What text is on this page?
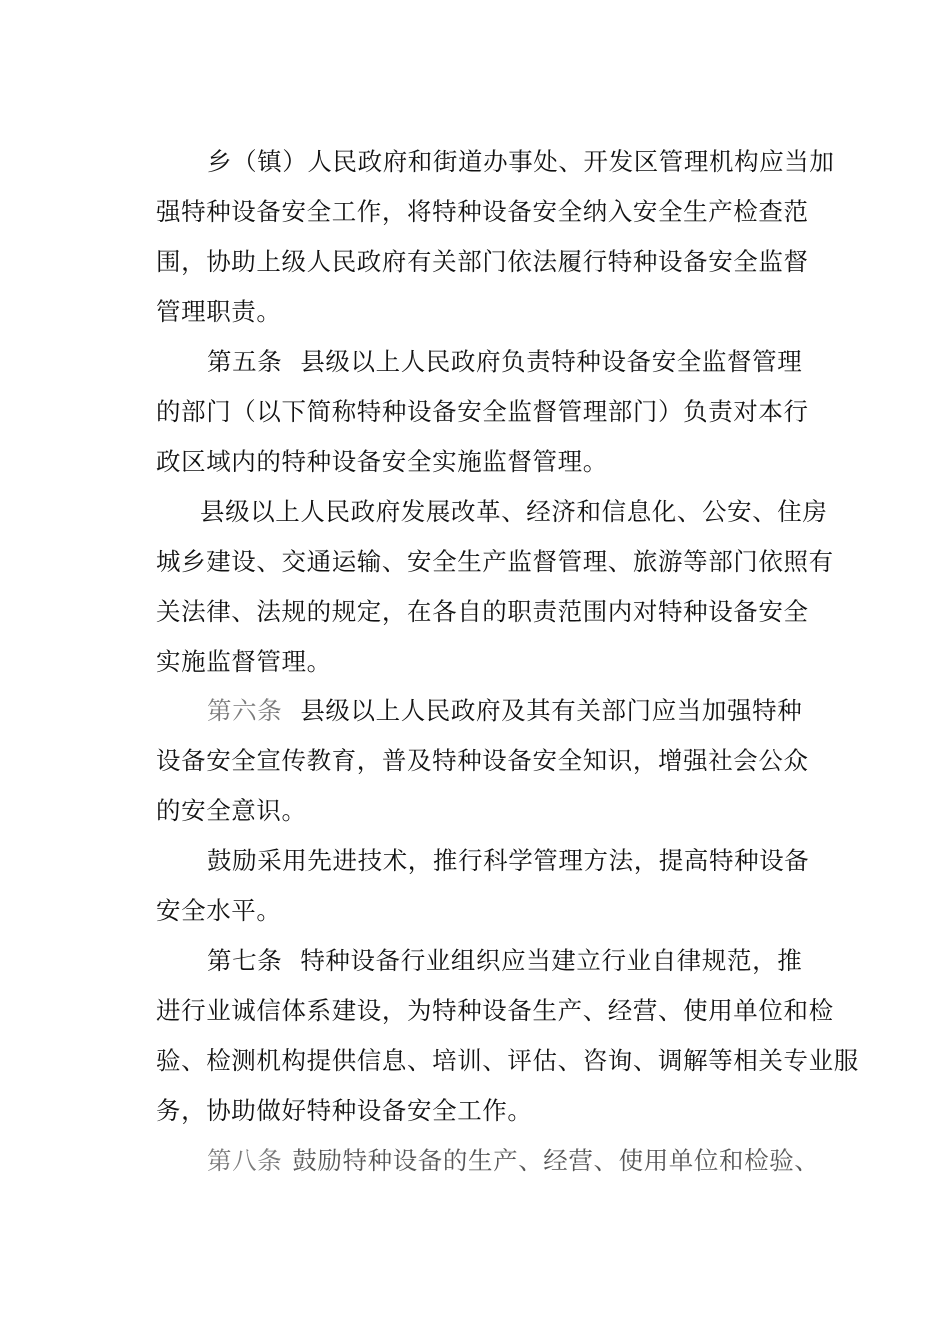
乡（镇）人民政府和街道办事处、开发区管理机构应当加
强特种设备安全工作，将特种设备安全纳入安全生产检查范
围，协助上级人民政府有关部门依法履行特种设备安全监督
管理职责。
第五条 县级以上人民政府负责特种设备安全监督管理
的部门（以下简称特种设备安全监督管理部门）负责对本行
政区域内的特种设备安全实施监督管理。
县级以上人民政府发展改革、经济和信息化、公安、住房
城乡建设、交通运输、安全生产监督管理、旅游等部门依照有
关法律、法规的规定，在各自的职责范围内对特种设备安全
实施监督管理。
第六条 县级以上人民政府及其有关部门应当加强特种
设备安全宣传教育，普及特种设备安全知识，增强社会公众
的安全意识。
鼓励采用先进技术，推行科学管理方法，提高特种设备
安全水平。
第七条 特种设备行业组织应当建立行业自律规范，推
进行业诚信体系建设，为特种设备生产、经营、使用单位和检
验、检测机构提供信息、培训、评估、咨询、调解等相关专业服
务，协助做好特种设备安全工作。
第八条 鼓励特种设备的生产、经营、使用单位和检验、
